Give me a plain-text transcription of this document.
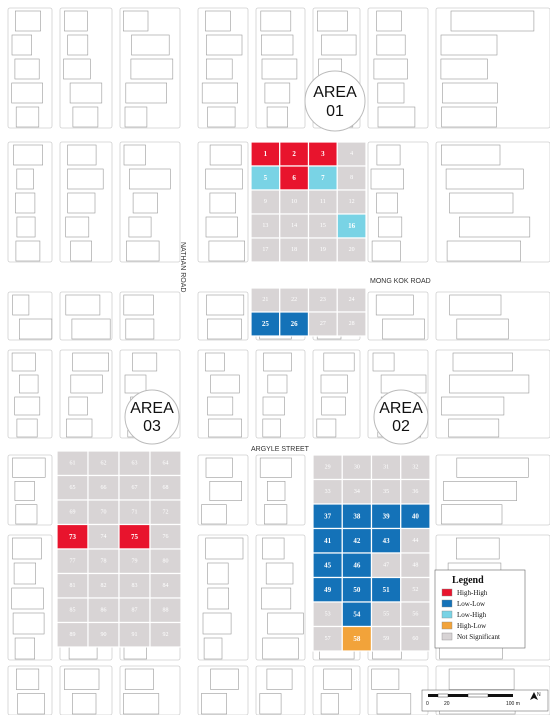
MONG KOK ROAD
NATHAN ROAD
ARGYLE STREET
1	2	3	4
5	6	7	8
9	10	11	12
13	14	15	16
17	18	19	20
21	22	23	24
25	26	27	28
29	30	31	32
33	34	35	36
37	38	39	40
41	42	43	44
45	46	47	48
49	50	51	52
53	54	55	56
57	58	59	60
61	62	63	64
65	66	67	68
69	70	71	72
73	74	75	76
77	78	79	80
81	82	83	84
85	86	87	88
89	90	91	92
AREA
01
AREA
02
AREA
03
Legend
High-High
Low-Low
Low-High
High-Low
Not Significant
0	20	100 m
N
